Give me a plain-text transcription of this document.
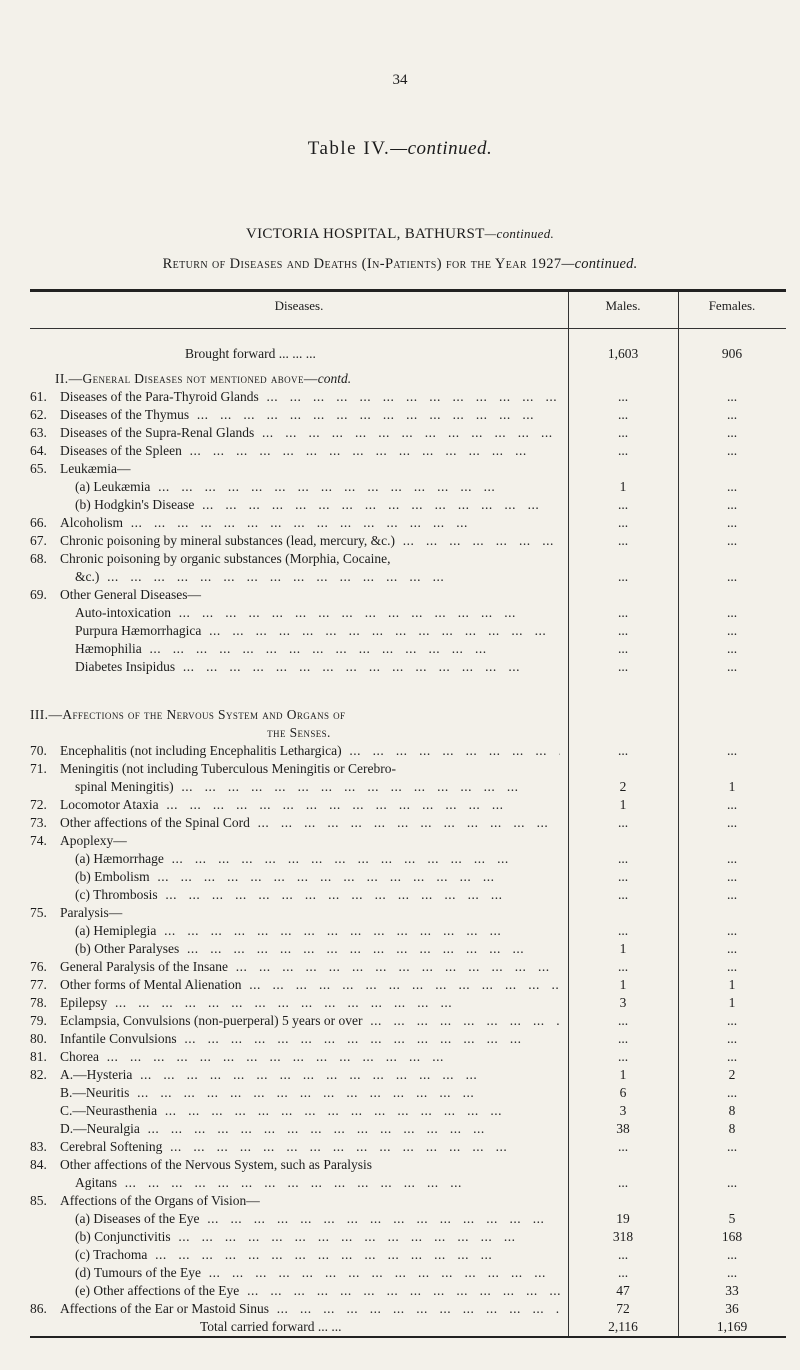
34
Table IV.—continued.
VICTORIA HOSPITAL, BATHURST—continued.
Return of Diseases and Deaths (In-Patients) for the Year 1927—continued.
Diseases.	Males.	Females.
Brought forward ... ... ...	1,603	906
II.—General Diseases not mentioned above—contd.
61. Diseases of the Para-Thyroid Glands ...	...	...
62. Diseases of the Thymus ...	...	...
63. Diseases of the Supra-Renal Glands ...	...	...
64. Diseases of the Spleen ...	...	...
65. Leukæmia—
(a) Leukæmia ...	1	...
(b) Hodgkin's Disease ...	...	...
66. Alcoholism ...	...	...
67. Chronic poisoning by mineral substances (lead, mercury, &c.) ...	...	...
68. Chronic poisoning by organic substances (Morphia, Cocaine,
&c.) ...	...	...
69. Other General Diseases—
Auto-intoxication ...	...	...
Purpura Hæmorrhagica ...	...	...
Hæmophilia ...	...	...
Diabetes Insipidus ...	...	...
III.—Affections of the Nervous System and Organs of
the Senses.
70. Encephalitis (not including Encephalitis Lethargica) ...	...	...
71. Meningitis (not including Tuberculous Meningitis or Cerebro-
spinal Meningitis) ...	2	1
72. Locomotor Ataxia ...	1	...
73. Other affections of the Spinal Cord ...	...	...
74. Apoplexy—
(a) Hæmorrhage ...	...	...
(b) Embolism ...	...	...
(c) Thrombosis ...	...	...
75. Paralysis—
(a) Hemiplegia ...	...	...
(b) Other Paralyses ...	1	...
76. General Paralysis of the Insane ...	...	...
77. Other forms of Mental Alienation ...	1	1
78. Epilepsy ...	3	1
79. Eclampsia, Convulsions (non-puerperal) 5 years or over ...	...	...
80. Infantile Convulsions ...	...	...
81. Chorea ...	...	...
82. A.—Hysteria ...	1	2
B.—Neuritis ...	6	...
C.—Neurasthenia ...	3	8
D.—Neuralgia ...	38	8
83. Cerebral Softening ...	...	...
84. Other affections of the Nervous System, such as Paralysis
Agitans ...	...	...
85. Affections of the Organs of Vision—
(a) Diseases of the Eye ...	19	5
(b) Conjunctivitis ...	318	168
(c) Trachoma ...	...	...
(d) Tumours of the Eye ...	...	...
(e) Other affections of the Eye ...	47	33
86. Affections of the Ear or Mastoid Sinus ...	72	36
Total carried forward ... ...	2,116	1,169
